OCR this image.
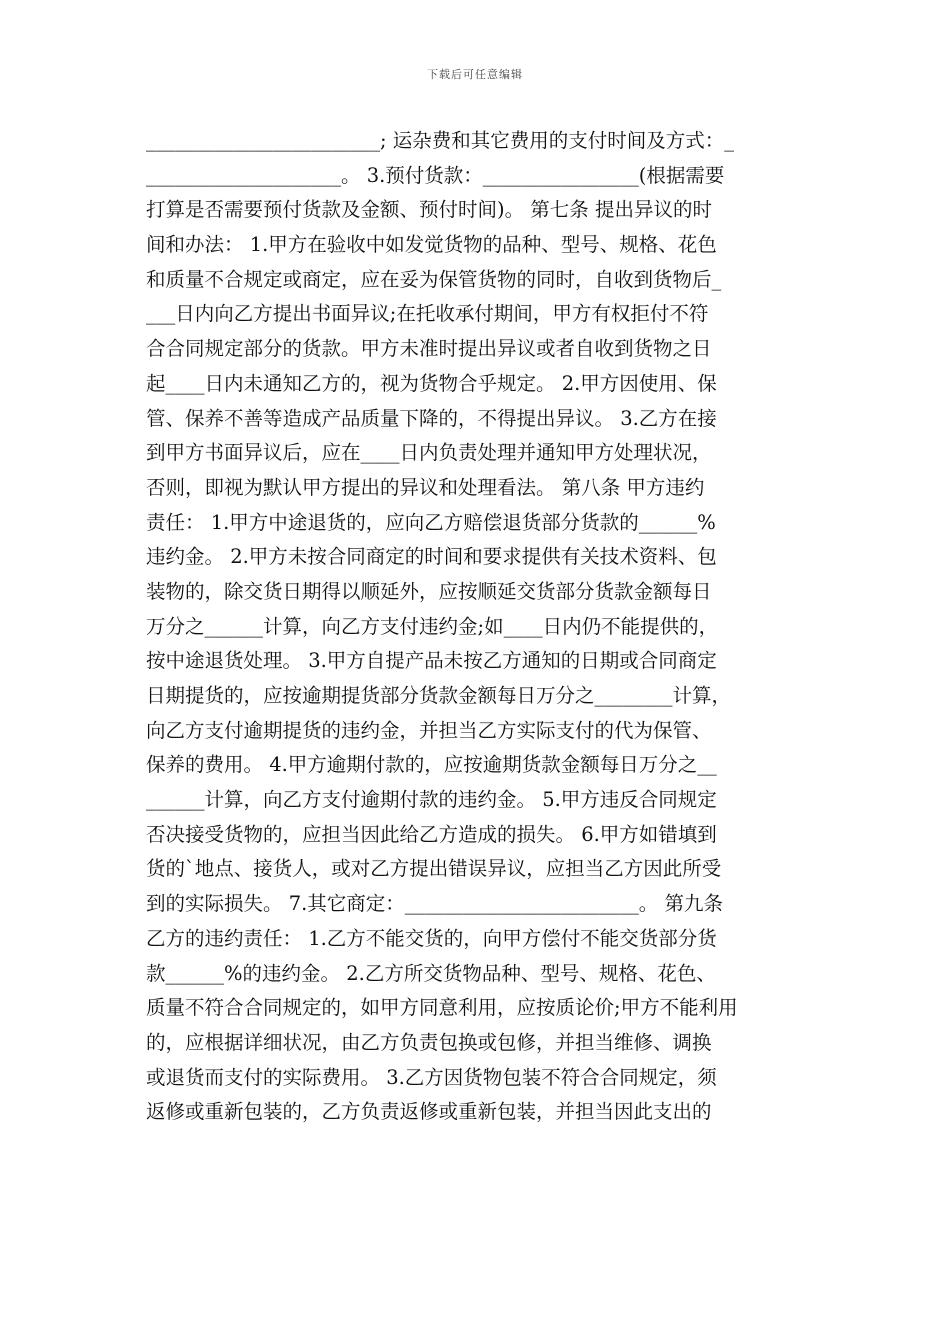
下载后可任意编辑
________________________; 运杂费和其它费用的支付时间及方式：_
____________________。 3.预付货款：________________(根据需要
打算是否需要预付货款及金额、预付时间)。 第七条 提出异议的时
间和办法： 1.甲方在验收中如发觉货物的品种、型号、规格、花色
和质量不合规定或商定，应在妥为保管货物的同时，自收到货物后_
___日内向乙方提出书面异议;在托收承付期间，甲方有权拒付不符
合合同规定部分的货款。甲方未准时提出异议或者自收到货物之日
起____日内未通知乙方的，视为货物合乎规定。 2.甲方因使用、保
管、保养不善等造成产品质量下降的，不得提出异议。 3.乙方在接
到甲方书面异议后，应在____日内负责处理并通知甲方处理状况，
否则，即视为默认甲方提出的异议和处理看法。 第八条 甲方违约
责任： 1.甲方中途退货的，应向乙方赔偿退货部分货款的______%
违约金。 2.甲方未按合同商定的时间和要求提供有关技术资料、包
装物的，除交货日期得以顺延外，应按顺延交货部分货款金额每日
万分之______计算，向乙方支付违约金;如____日内仍不能提供的，
按中途退货处理。 3.甲方自提产品未按乙方通知的日期或合同商定
日期提货的，应按逾期提货部分货款金额每日万分之________计算，
向乙方支付逾期提货的违约金，并担当乙方实际支付的代为保管、
保养的费用。 4.甲方逾期付款的，应按逾期货款金额每日万分之__
______计算，向乙方支付逾期付款的违约金。 5.甲方违反合同规定
否决接受货物的，应担当因此给乙方造成的损失。 6.甲方如错填到
货的`地点、接货人，或对乙方提出错误异议，应担当乙方因此所受
到的实际损失。 7.其它商定：________________________。 第九条
乙方的违约责任： 1.乙方不能交货的，向甲方偿付不能交货部分货
款______%的违约金。 2.乙方所交货物品种、型号、规格、花色、
质量不符合合同规定的，如甲方同意利用，应按质论价;甲方不能利用
的，应根据详细状况，由乙方负责包换或包修，并担当维修、调换
或退货而支付的实际费用。 3.乙方因货物包装不符合合同规定，须
返修或重新包装的，乙方负责返修或重新包装，并担当因此支出的
